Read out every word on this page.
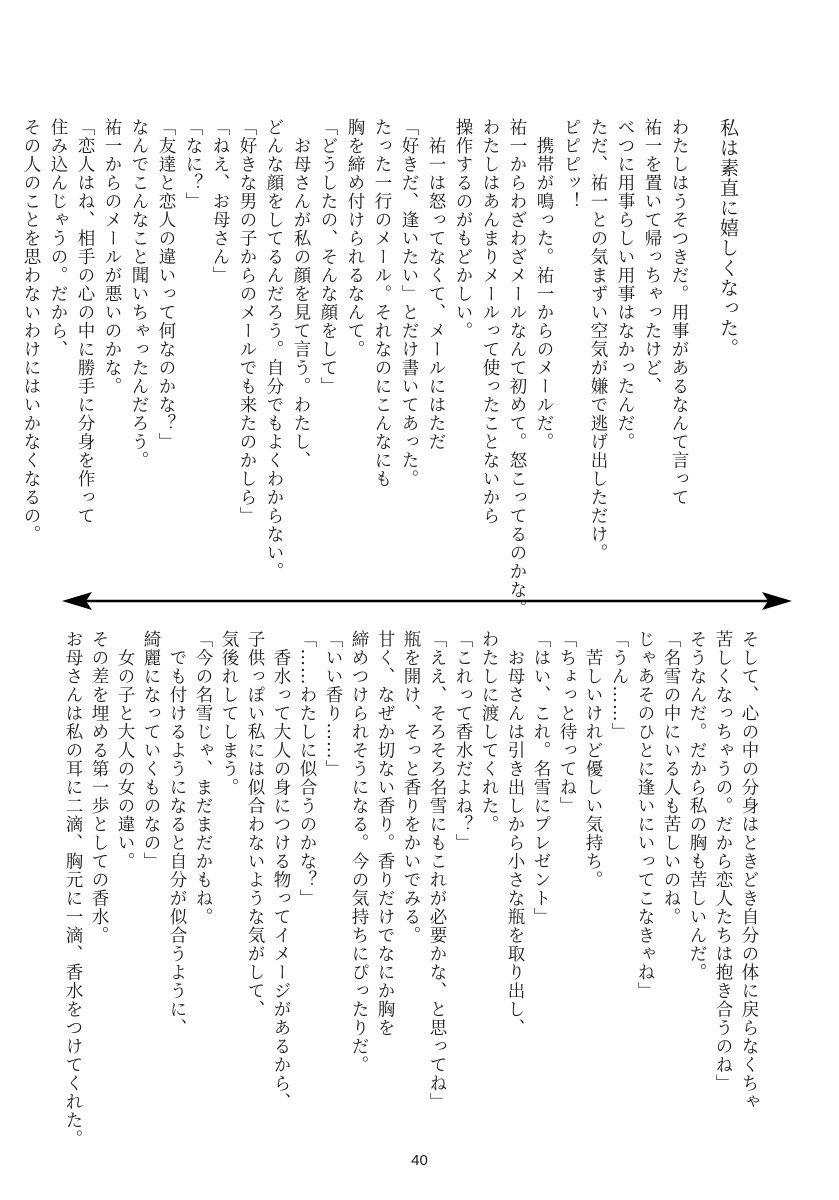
私は素直に嬉しくなった。
わたしはうそつきだ。用事があるなんて言って
祐一を置いて帰っちゃったけど、
べつに用事らしい用事はなかったんだ。
ただ、祐一との気まずい空気が嫌で逃げ出しただけ。
ピピピッ！
　携帯が鳴った。祐一からのメールだ。
祐一からわざわざメールなんて初めて。怒こってるのかな。
わたしはあんまりメールって使ったことないから
操作するのがもどかしい。
　祐一は怒ってなくて、メールにはただ
「好きだ、逢いたい」とだけ書いてあった。
たった一行のメール。それなのにこんなにも
胸を締め付けられるなんて。
「どうしたの、そんな顔をして」
　お母さんが私の顔を見て言う。わたし、
どんな顔をしてるんだろう。自分でもよくわからない。
「好きな男の子からのメールでも来たのかしら」
「ねえ、お母さん」
「なに？」
「友達と恋人の違いって何なのかな？」
なんでこんなこと聞いちゃったんだろう。
祐一からのメールが悪いのかな。
「恋人はね、相手の心の中に勝手に分身を作って
住み込んじゃうの。だから、
その人のことを思わないわけにはいかなくなるの。
そして、心の中の分身はときどき自分の体に戻らなくちゃ
苦しくなっちゃうの。だから恋人たちは抱き合うのね」
そうなんだ。だから私の胸も苦しいんだ。
「名雪の中にいる人も苦しいのね。
じゃあそのひとに逢いにいってこなきゃね」
「うん……」
　苦しいけれど優しい気持ち。
「ちょっと待ってね」
「はい、これ。名雪にプレゼント」
　お母さんは引き出しから小さな瓶を取り出し、
わたしに渡してくれた。
「これって香水だよね？」
「ええ、そろそろ名雪にもこれが必要かな、と思ってね」
瓶を開け、そっと香りをかいでみる。
甘く、なぜか切ない香り。香りだけでなにか胸を
締めつけられそうになる。今の気持ちにぴったりだ。
「いい香り……」
「……わたしに似合うのかな？」
　香水って大人の身につける物ってイメージがあるから、
子供っぽい私には似合わないような気がして、
気後れしてしまう。
「今の名雪じゃ、まだまだかもね。
　でも付けるようになると自分が似合うように、
綺麗になっていくものなの」
　女の子と大人の女の違い。
その差を埋める第一歩としての香水。
お母さんは私の耳に二滴、胸元に一滴、香水をつけてくれた。
40
